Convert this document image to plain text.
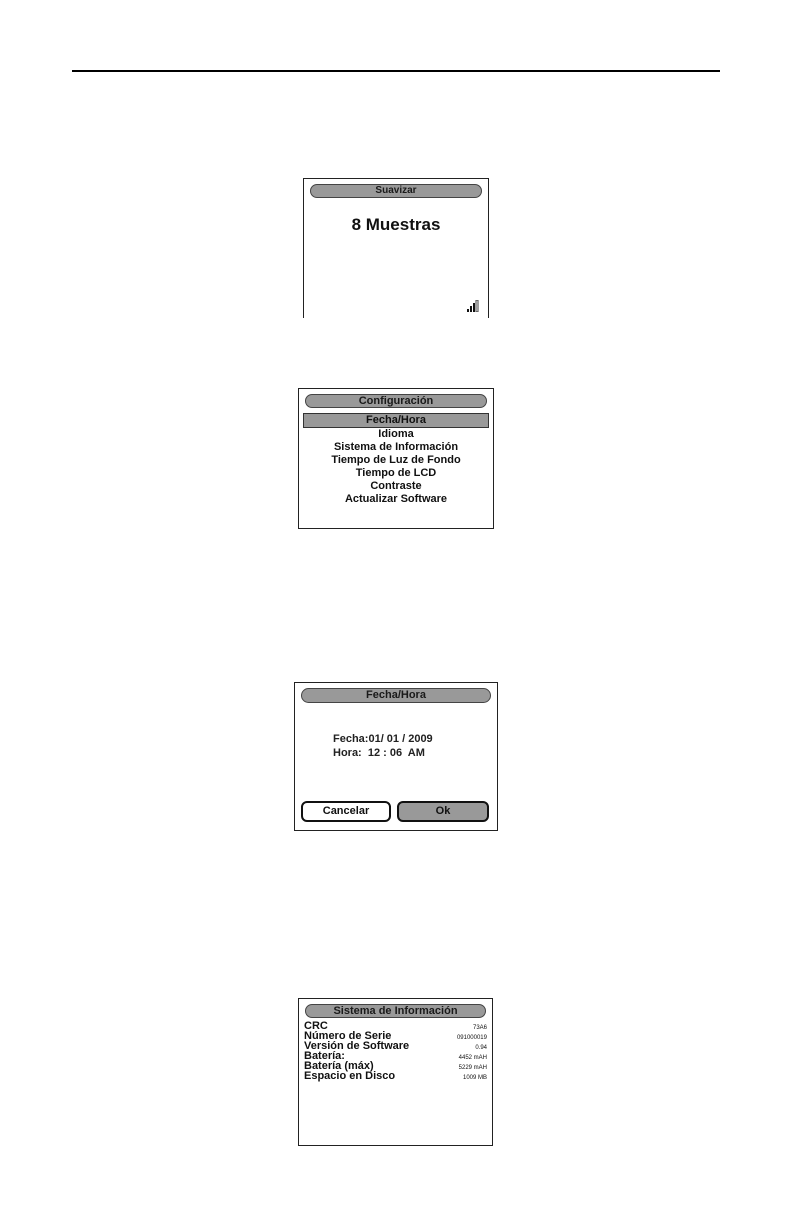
Suavizar
8 Muestras
Configuración
Fecha/Hora
Idioma
Sistema de Información
Tiempo de Luz de Fondo
Tiempo de LCD
Contraste
Actualizar Software
Fecha/Hora
Fecha:01/ 01 / 2009
Hora:  12 : 06  AM
Cancelar	Ok
Sistema de Información
CRC	73A6
Número de Serie	091000019
Versión de Software	0.94
Batería:	4452 mAH
Batería (máx)	5229 mAH
Espacio en Disco	1009 MB
